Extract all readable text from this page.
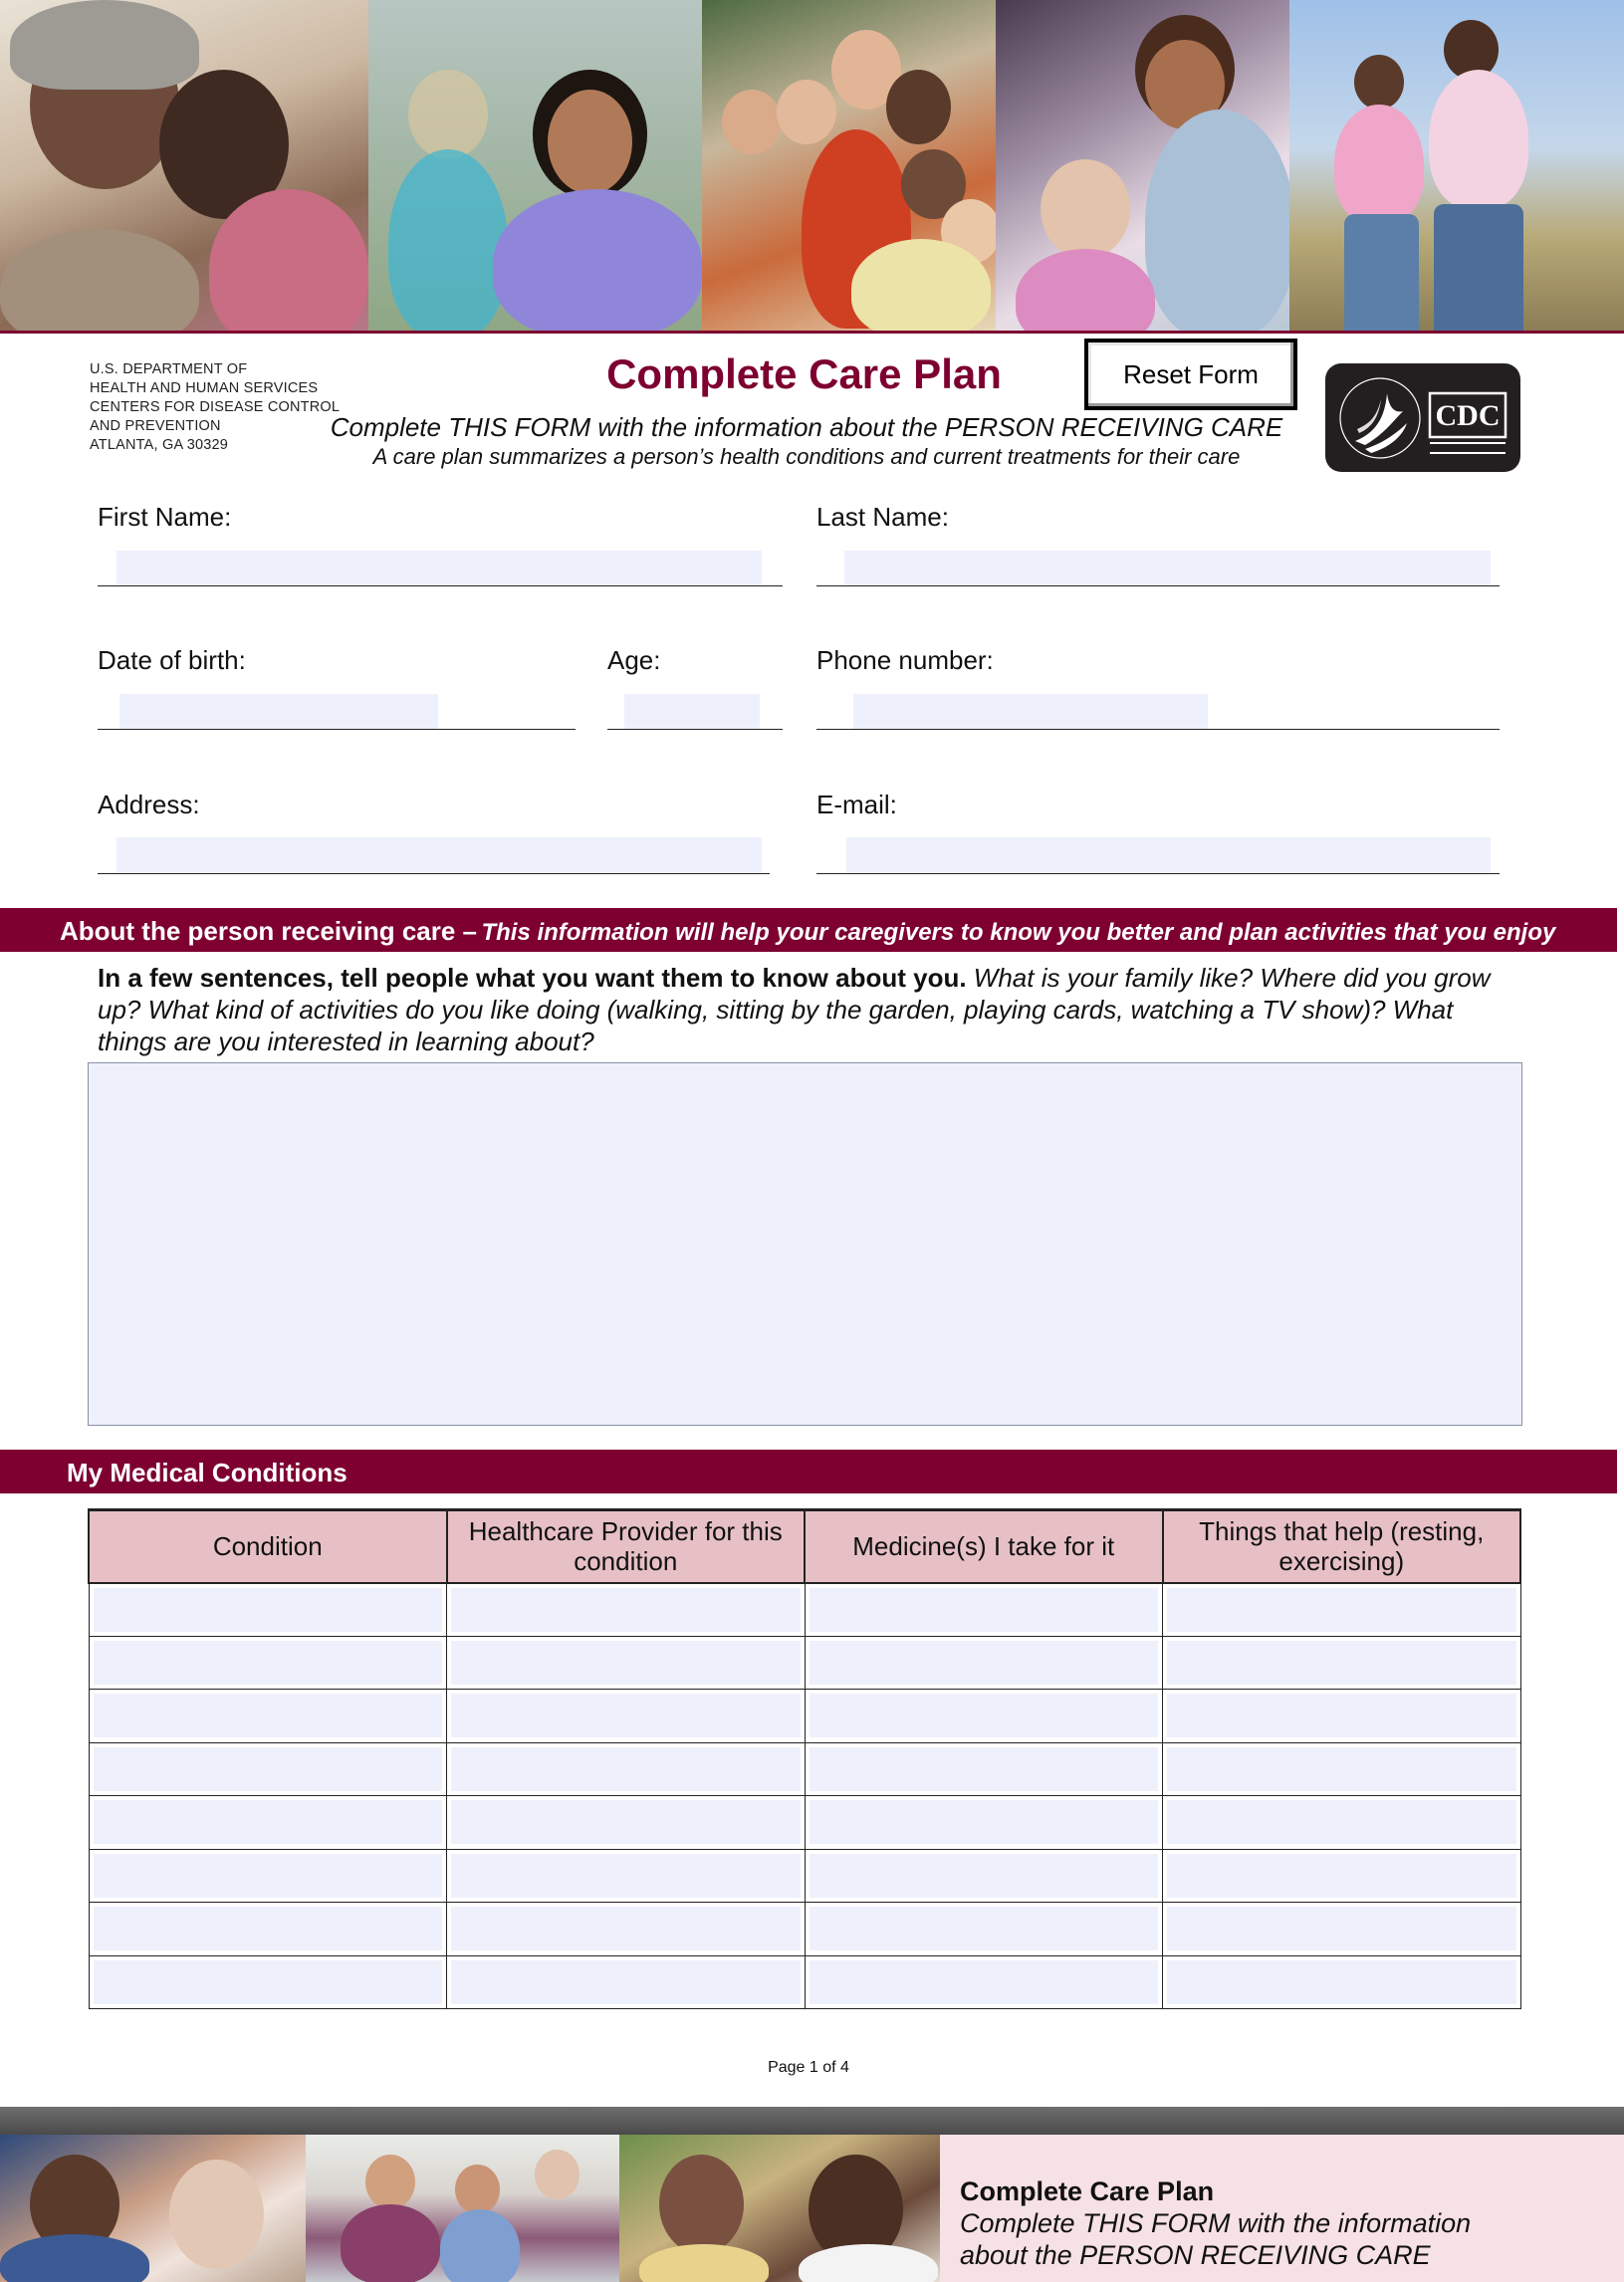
U.S. DEPARTMENT OF
HEALTH AND HUMAN SERVICES
CENTERS FOR DISEASE CONTROL
AND PREVENTION
ATLANTA, GA 30329
Complete Care Plan	Reset Form
Complete THIS FORM with the information about the PERSON RECEIVING CARE
A care plan summarizes a person’s health conditions and current treatments for their care
CDC
First Name:	Last Name:
Date of birth:	Age:	Phone number:
Address:	E-mail:
About the person receiving care – This information will help your caregivers to know you better and plan activities that you enjoy
In a few sentences, tell people what you want them to know about you. What is your family like? Where did you grow up? What kind of activities do you like doing (walking, sitting by the garden, playing cards, watching a TV show)? What things are you interested in learning about?
My Medical Conditions
Condition	Healthcare Provider for this condition	Medicine(s) I take for it	Things that help (resting, exercising)

Page 1 of 4
Complete Care Plan
Complete THIS FORM with the information about the PERSON RECEIVING CARE
